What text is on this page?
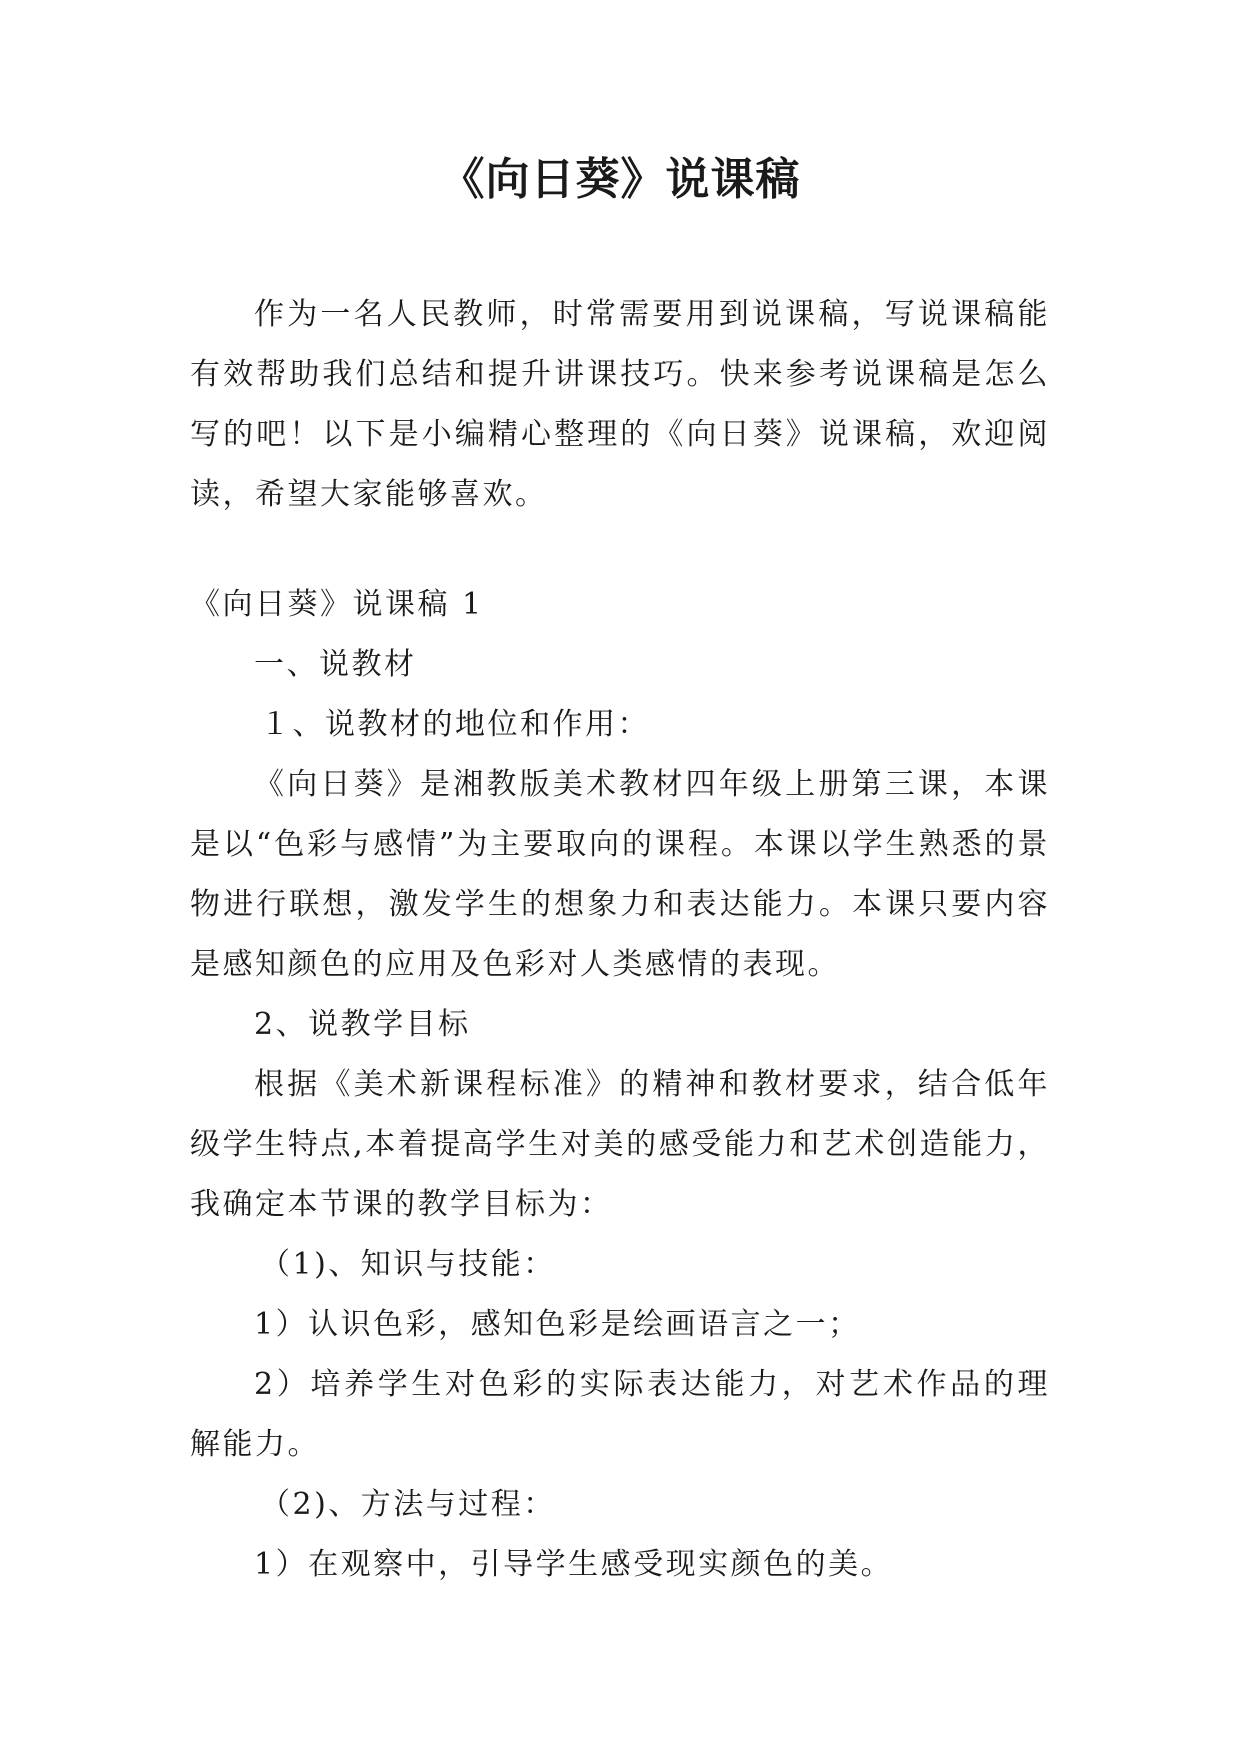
《向日葵》说课稿

作为一名人民教师，时常需要用到说课稿，写说课稿能有效帮助我们总结和提升讲课技巧。快来参考说课稿是怎么写的吧！以下是小编精心整理的《向日葵》说课稿，欢迎阅读，希望大家能够喜欢。

《向日葵》说课稿 1

一、说教材

１、说教材的地位和作用：

《向日葵》是湘教版美术教材四年级上册第三课，本课是以“色彩与感情”为主要取向的课程。本课以学生熟悉的景物进行联想，激发学生的想象力和表达能力。本课只要内容是感知颜色的应用及色彩对人类感情的表现。

2、说教学目标

根据《美术新课程标准》的精神和教材要求，结合低年级学生特点,本着提高学生对美的感受能力和艺术创造能力，我确定本节课的教学目标为：

（1)、知识与技能：

1）认识色彩，感知色彩是绘画语言之一；

2）培养学生对色彩的实际表达能力，对艺术作品的理解能力。

（2)、方法与过程：

1）在观察中，引导学生感受现实颜色的美。
